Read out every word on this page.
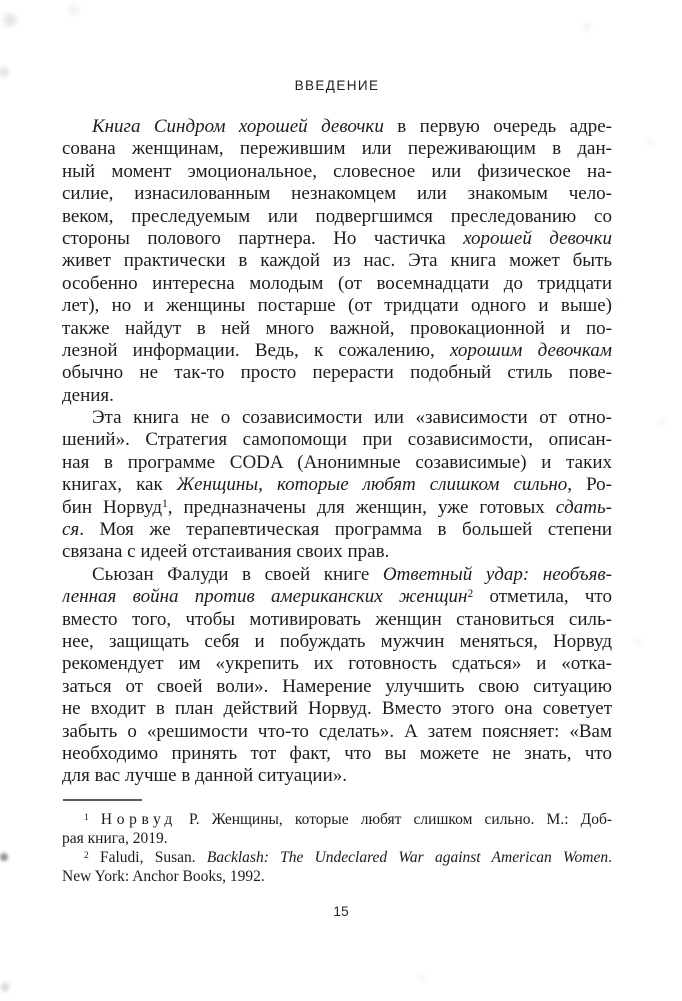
ВВЕДЕНИЕ
Книга Синдром хорошей девочки в первую очередь адре-
сована женщинам, пережившим или переживающим в дан-
ный момент эмоциональное, словесное или физическое на-
силие, изнасилованным незнакомцем или знакомым чело-
веком, преследуемым или подвергшимся преследованию со
стороны полового партнера. Но частичка хорошей девочки
живет практически в каждой из нас. Эта книга может быть
особенно интересна молодым (от восемнадцати до тридцати
лет), но и женщины постарше (от тридцати одного и выше)
также найдут в ней много важной, провокационной и по-
лезной информации. Ведь, к сожалению, хорошим девочкам
обычно не так-то просто перерасти подобный стиль пове-
дения.
Эта книга не о созависимости или «зависимости от отно-
шений». Стратегия самопомощи при созависимости, описан-
ная в программе CODA (Анонимные созависимые) и таких
книгах, как Женщины, которые любят слишком сильно, Ро-
бин Норвуд$^1$, предназначены для женщин, уже готовых сдать-
ся. Моя же терапевтическая программа в большей степени
связана с идеей отстаивания своих прав.
Сьюзан Фалуди в своей книге Ответный удар: необъяв-
ленная война против американских женщин$^2$ отметила, что
вместо того, чтобы мотивировать женщин становиться силь-
нее, защищать себя и побуждать мужчин меняться, Норвуд
рекомендует им «укрепить их готовность сдаться» и «отка-
заться от своей воли». Намерение улучшить свою ситуацию
не входит в план действий Норвуд. Вместо этого она советует
забыть о «решимости что-то сделать». А затем поясняет: «Вам
необходимо принять тот факт, что вы можете не знать, что
для вас лучше в данной ситуации».
$^1$ Норвуд Р. Женщины, которые любят слишком сильно. М.: Доб-
рая книга, 2019.
$^2$ Faludi, Susan. Backlash: The Undeclared War against American Women.
New York: Anchor Books, 1992.
15
